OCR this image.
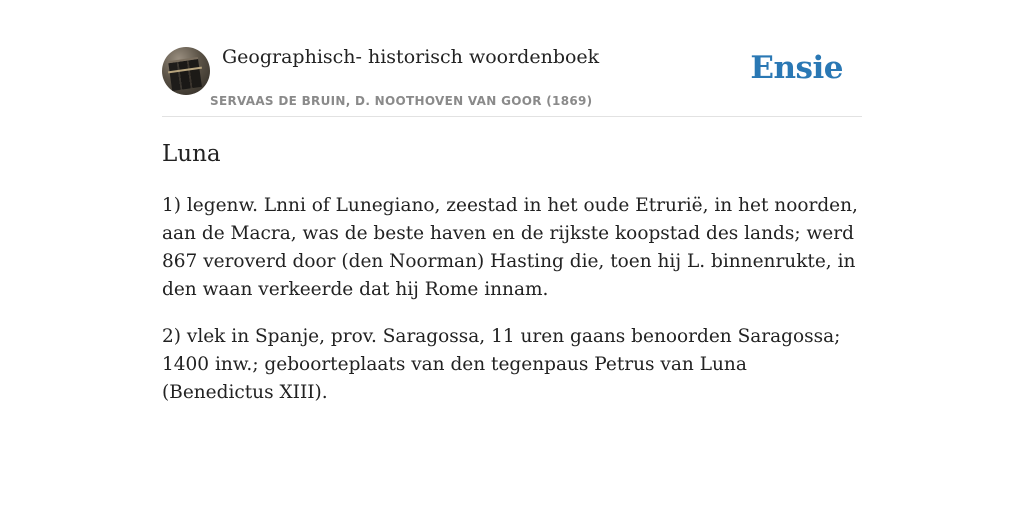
Geographisch- historisch woordenboek
SERVAAS DE BRUIN, D. NOOTHOVEN VAN GOOR (1869)
Ensie
Luna

1) legenw. Lnni of Lunegiano, zeestad in het oude Etrurië, in het noorden, aan de Macra, was de beste haven en de rijkste koopstad des lands; werd 867 veroverd door (den Noorman) Hasting die, toen hij L. binnenrukte, in den waan verkeerde dat hij Rome innam.

2) vlek in Spanje, prov. Saragossa, 11 uren gaans benoorden Saragossa; 1400 inw.; geboorteplaats van den tegenpaus Petrus van Luna (Benedictus XIII).
